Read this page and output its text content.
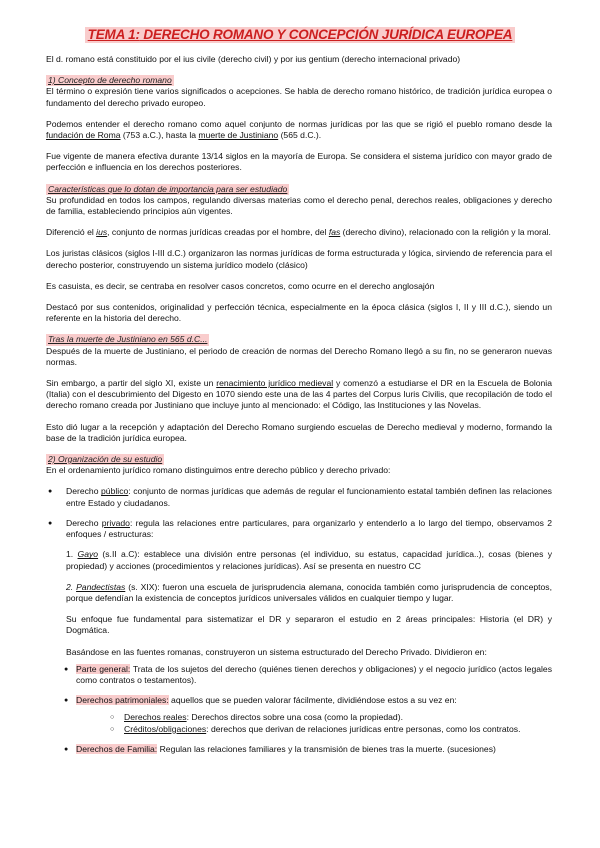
TEMA 1: DERECHO ROMANO Y CONCEPCIÓN JURÍDICA EUROPEA

El d. romano está constituido por el ius civile (derecho civil) y por ius gentium (derecho internacional privado)

1) Concepto de derecho romano

El término o expresión tiene varios significados o acepciones. Se habla de derecho romano histórico, de tradición jurídica europea o fundamento del derecho privado europeo.

Podemos entender el derecho romano como aquel conjunto de normas jurídicas por las que se rigió el pueblo romano desde la fundación de Roma (753 a.C.), hasta la muerte de Justiniano (565 d.C.).

Fue vigente de manera efectiva durante 13/14 siglos en la mayoría de Europa. Se considera el sistema jurídico con mayor grado de perfección e influencia en los derechos posteriores.

Características que lo dotan de importancia para ser estudiado

Su profundidad en todos los campos, regulando diversas materias como el derecho penal, derechos reales, obligaciones y derecho de familia, estableciendo principios aún vigentes.

Diferenció el ius, conjunto de normas jurídicas creadas por el hombre, del fas (derecho divino), relacionado con la religión y la moral.

Los juristas clásicos (siglos I-III d.C.) organizaron las normas jurídicas de forma estructurada y lógica, sirviendo de referencia para el derecho posterior, construyendo un sistema jurídico modelo (clásico)

Es casuista, es decir, se centraba en resolver casos concretos, como ocurre en el derecho anglosajón

Destacó por sus contenidos, originalidad y perfección técnica, especialmente en la época clásica (siglos I, II y III d.C.), siendo un referente en la historia del derecho.

Tras la muerte de Justiniano en 565 d.C...

Después de la muerte de Justiniano, el periodo de creación de normas del Derecho Romano llegó a su fin, no se generaron nuevas normas.

Sin embargo, a partir del siglo XI, existe un renacimiento jurídico medieval y comenzó a estudiarse el DR en la Escuela de Bolonia (Italia) con el descubrimiento del Digesto en 1070 siendo este una de las 4 partes del Corpus Iuris Civilis, que recopilación de todo el derecho romano creada por Justiniano que incluye junto al mencionado: el Código, las Instituciones y las Novelas.

Esto dió lugar a la recepción y adaptación del Derecho Romano surgiendo escuelas de Derecho medieval y moderno, formando la base de la tradición jurídica europea.

2) Organización de su estudio

En el ordenamiento jurídico romano distinguimos entre derecho público y derecho privado:

● Derecho público: conjunto de normas jurídicas que además de regular el funcionamiento estatal también definen las relaciones entre Estado y ciudadanos.
● Derecho privado: regula las relaciones entre particulares, para organizarlo y entenderlo a lo largo del tiempo, observamos 2 enfoques / estructuras:

1. Gayo (s.II a.C): establece una división entre personas (el individuo, su estatus, capacidad jurídica..), cosas (bienes y propiedad) y acciones (procedimientos y relaciones jurídicas). Así se presenta en nuestro CC

2. Pandectistas (s. XIX): fueron una escuela de jurisprudencia alemana, conocida también como jurisprudencia de conceptos, porque defendían la existencia de conceptos jurídicos universales válidos en cualquier tiempo y lugar.

Su enfoque fue fundamental para sistematizar el DR y separaron el estudio en 2 áreas principales: Historia (el DR) y Dogmática.

Basándose en las fuentes romanas, construyeron un sistema estructurado del Derecho Privado. Dividieron en:

● Parte general: Trata de los sujetos del derecho (quiénes tienen derechos y obligaciones) y el negocio jurídico (actos legales como contratos o testamentos).
● Derechos patrimoniales: aquellos que se pueden valorar fácilmente, dividiéndose estos a su vez en:
○ Derechos reales: Derechos directos sobre una cosa (como la propiedad).
○ Créditos/obligaciones: derechos que derivan de relaciones jurídicas entre personas, como los contratos.
● Derechos de Familia: Regulan las relaciones familiares y la transmisión de bienes tras la muerte. (sucesiones)
